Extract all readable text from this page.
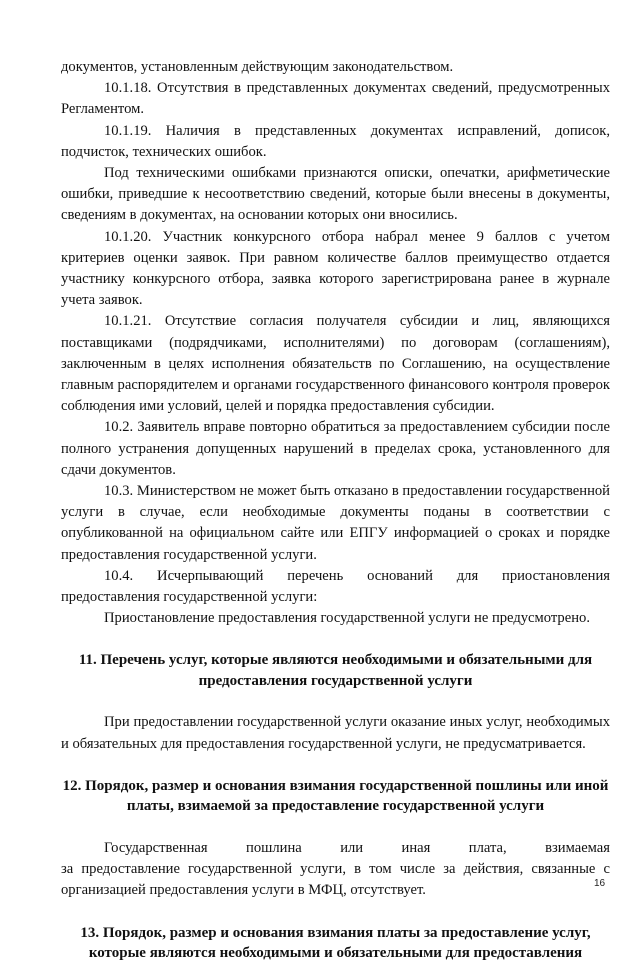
документов, установленным действующим законодательством.

10.1.18. Отсутствия в представленных документах сведений, предусмотренных Регламентом.

10.1.19. Наличия в представленных документах исправлений, дописок, подчисток, технических ошибок.

Под техническими ошибками признаются описки, опечатки, арифметические ошибки, приведшие к несоответствию сведений, которые были внесены в документы, сведениям в документах, на основании которых они вносились.

10.1.20. Участник конкурсного отбора набрал менее 9 баллов с учетом критериев оценки заявок. При равном количестве баллов преимущество отдается участнику конкурсного отбора, заявка которого зарегистрирована ранее в журнале учета заявок.

10.1.21. Отсутствие согласия получателя субсидии и лиц, являющихся поставщиками (подрядчиками, исполнителями) по договорам (соглашениям), заключенным в целях исполнения обязательств по Соглашению, на осуществление главным распорядителем и органами государственного финансового контроля проверок соблюдения ими условий, целей и порядка предоставления субсидии.

10.2. Заявитель вправе повторно обратиться за предоставлением субсидии после полного устранения допущенных нарушений в пределах срока, установленного для сдачи документов.

10.3. Министерством не может быть отказано в предоставлении государственной услуги в случае, если необходимые документы поданы в соответствии с опубликованной на официальном сайте или ЕПГУ информацией о сроках и порядке предоставления государственной услуги.

10.4. Исчерпывающий перечень оснований для приостановления предоставления государственной услуги:

Приостановление предоставления государственной услуги не предусмотрено.

11. Перечень услуг, которые являются необходимыми и обязательными для предоставления государственной услуги

При предоставлении государственной услуги оказание иных услуг, необходимых и обязательных для предоставления государственной услуги, не предусматривается.

12. Порядок, размер и основания взимания государственной пошлины или иной платы, взимаемой за предоставление государственной услуги

Государственная пошлина или иная плата, взимаемая

за предоставление государственной услуги, в том числе за действия, связанные с организацией предоставления услуги в МФЦ, отсутствует.

13. Порядок, размер и основания взимания платы за предоставление услуг, которые являются необходимыми и обязательными для предоставления

16
